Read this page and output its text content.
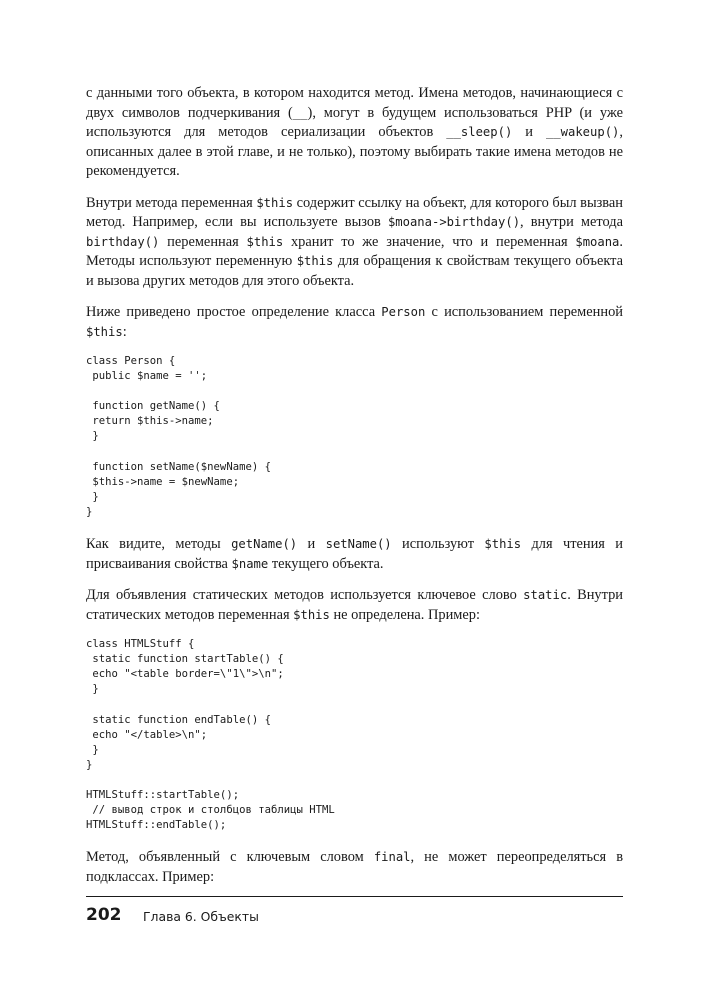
с данными того объекта, в котором находится метод. Имена методов, начинающиеся с двух символов подчеркивания (__), могут в будущем использоваться PHP (и уже используются для методов сериализации объектов __sleep() и __wakeup(), описанных далее в этой главе, и не только), поэтому выбирать такие имена методов не рекомендуется.

Внутри метода переменная $this содержит ссылку на объект, для которого был вызван метод. Например, если вы используете вызов $moana->birthday(), внутри метода birthday() переменная $this хранит то же значение, что и переменная $moana. Методы используют переменную $this для обращения к свойствам текущего объекта и вызова других методов для этого объекта.

Ниже приведено простое определение класса Person с использованием переменной $this:

class Person {
public $name = '';
function getName() {
return $this->name;
}
function setName($newName) {
$this->name = $newName;
}
}

Как видите, методы getName() и setName() используют $this для чтения и присваивания свойства $name текущего объекта.

Для объявления статических методов используется ключевое слово static. Внутри статических методов переменная $this не определена. Пример:

class HTMLStuff {
static function startTable() {
echo "<table border=\"1\">\n";
}
static function endTable() {
echo "</table>\n";
}
}
HTMLStuff::startTable();
// вывод строк и столбцов таблицы HTML
HTMLStuff::endTable();

Метод, объявленный с ключевым словом final, не может переопределяться в подклассах. Пример:

202 Глава 6. Объекты
